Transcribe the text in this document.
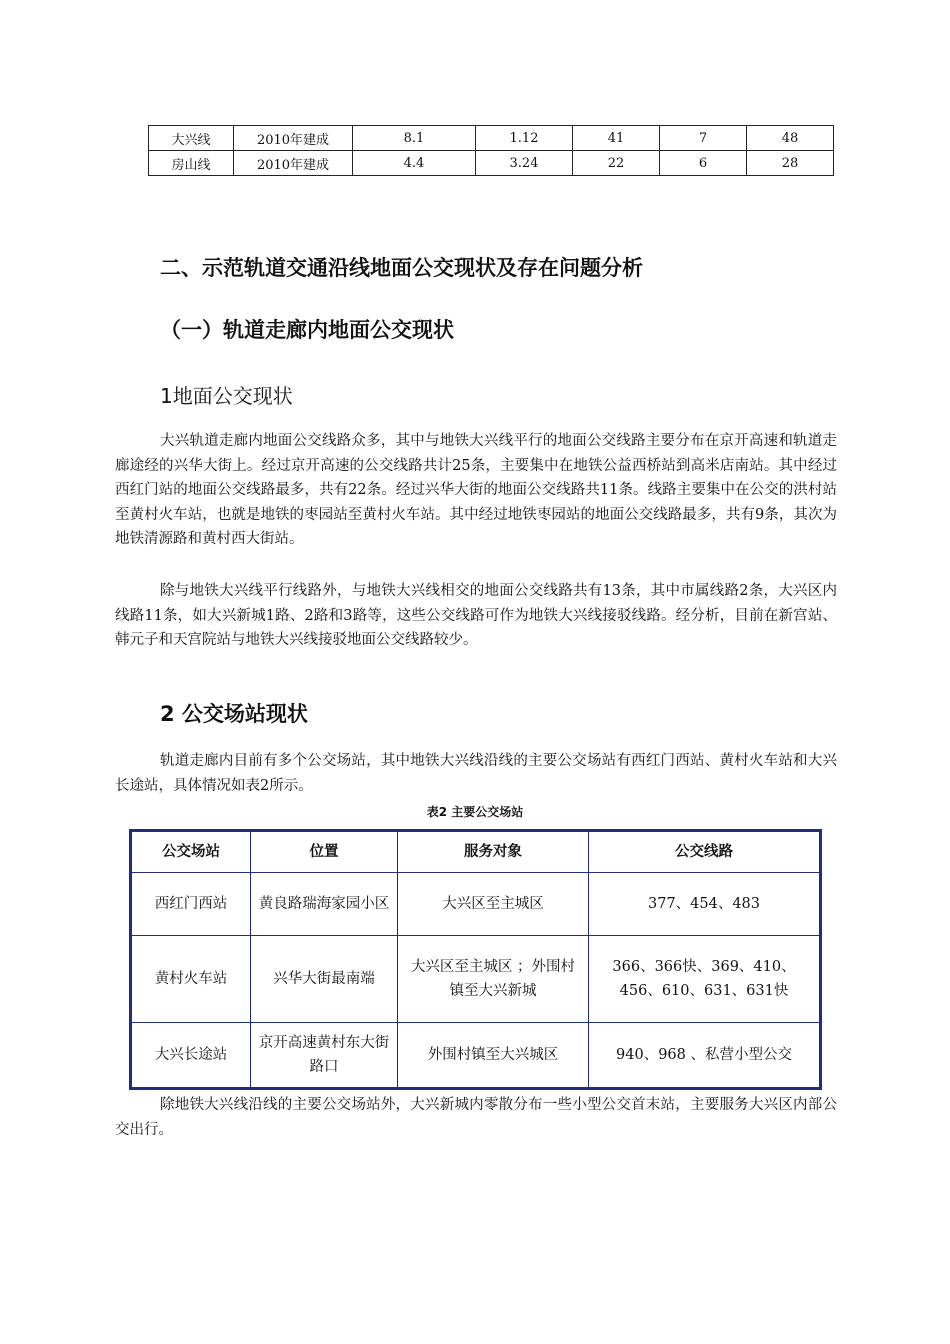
大兴线	2010年建成	8.1	1.12	41	7	48
房山线	2010年建成	4.4	3.24	22	6	28
二、示范轨道交通沿线地面公交现状及存在问题分析
（一）轨道走廊内地面公交现状
1地面公交现状

大兴轨道走廊内地面公交线路众多，其中与地铁大兴线平行的地面公交线路主要分布在京开高速和轨道走廊途经的兴华大街上。经过京开高速的公交线路共计25条，主要集中在地铁公益西桥站到高米店南站。其中经过西红门站的地面公交线路最多，共有22条。经过兴华大街的地面公交线路共11条。线路主要集中在公交的洪村站至黄村火车站，也就是地铁的枣园站至黄村火车站。其中经过地铁枣园站的地面公交线路最多，共有9条，其次为地铁清源路和黄村西大街站。

除与地铁大兴线平行线路外，与地铁大兴线相交的地面公交线路共有13条，其中市属线路2条，大兴区内线路11条，如大兴新城1路、2路和3路等，这些公交线路可作为地铁大兴线接驳线路。经分析，目前在新宫站、韩元子和天宫院站与地铁大兴线接驳地面公交线路较少。

2 公交场站现状

轨道走廊内目前有多个公交场站，其中地铁大兴线沿线的主要公交场站有西红门西站、黄村火车站和大兴长途站，具体情况如表2所示。

表2 主要公交场站
公交场站	位置	服务对象	公交线路
西红门西站	黄良路瑞海家园小区	大兴区至主城区	377、454、483
黄村火车站	兴华大街最南端	大兴区至主城区 ；外围村镇至大兴新城	366、366快、369、410、456、610、631、631快
大兴长途站	京开高速黄村东大街路口	外围村镇至大兴城区	940、968 、私营小型公交

除地铁大兴线沿线的主要公交场站外，大兴新城内零散分布一些小型公交首末站，主要服务大兴区内部公交出行。
